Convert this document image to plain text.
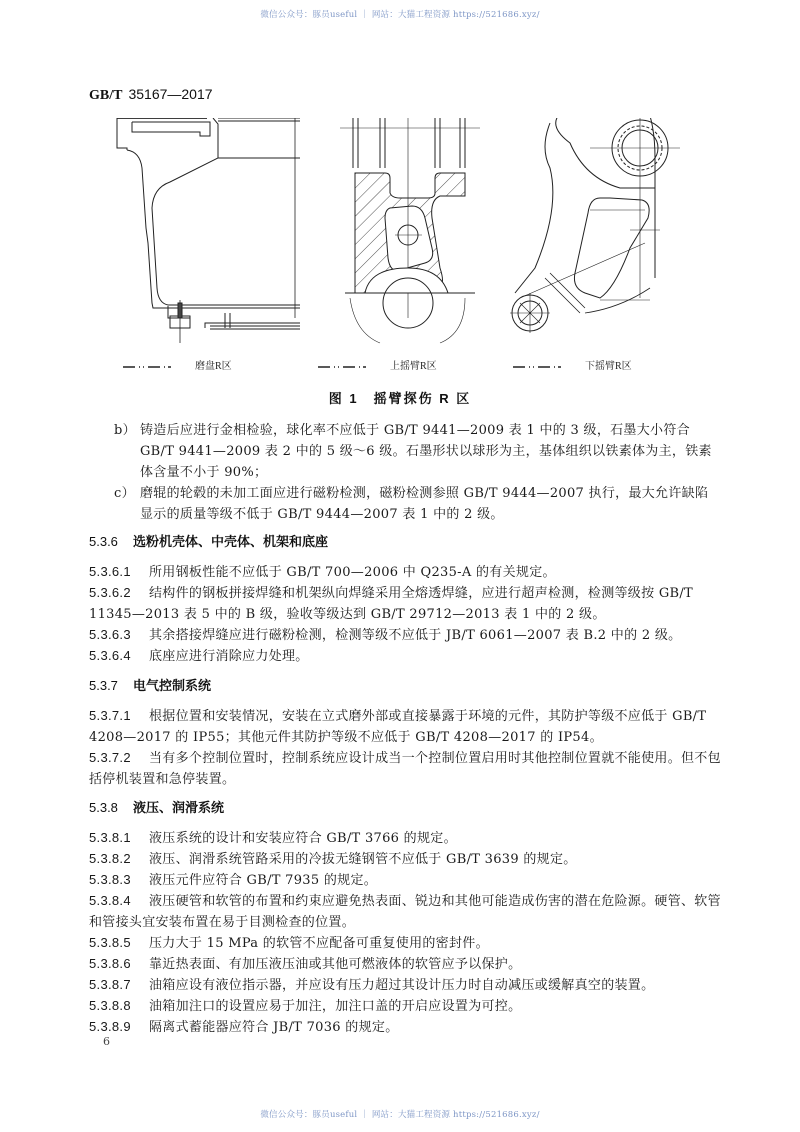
微信公众号：豚员useful ｜ 网站：大猫工程资源 https://521686.xyz/
GB/T 35167—2017
磨盘R区	上摇臂R区	下摇臂R区
图 1　摇臂探伤 R 区
b） 铸造后应进行金相检验，球化率不应低于 GB/T 9441—2009 表 1 中的 3 级，石墨大小符合 GB/T 9441—2009 表 2 中的 5 级～6 级。石墨形状以球形为主，基体组织以铁素体为主，铁素体含量不小于 90%；
c） 磨辊的轮毂的未加工面应进行磁粉检测，磁粉检测参照 GB/T 9444—2007 执行，最大允许缺陷显示的质量等级不低于 GB/T 9444—2007 表 1 中的 2 级。
5.3.6 选粉机壳体、中壳体、机架和底座
5.3.6.1 所用钢板性能不应低于 GB/T 700—2006 中 Q235-A 的有关规定。
5.3.6.2 结构件的钢板拼接焊缝和机架纵向焊缝采用全熔透焊缝，应进行超声检测，检测等级按 GB/T 11345—2013 表 5 中的 B 级，验收等级达到 GB/T 29712—2013 表 1 中的 2 级。
5.3.6.3 其余搭接焊缝应进行磁粉检测，检测等级不应低于 JB/T 6061—2007 表 B.2 中的 2 级。
5.3.6.4 底座应进行消除应力处理。
5.3.7 电气控制系统
5.3.7.1 根据位置和安装情况，安装在立式磨外部或直接暴露于环境的元件，其防护等级不应低于 GB/T 4208—2017 的 IP55；其他元件其防护等级不应低于 GB/T 4208—2017 的 IP54。
5.3.7.2 当有多个控制位置时，控制系统应设计成当一个控制位置启用时其他控制位置就不能使用。但不包括停机装置和急停装置。
5.3.8 液压、润滑系统
5.3.8.1 液压系统的设计和安装应符合 GB/T 3766 的规定。
5.3.8.2 液压、润滑系统管路采用的冷拔无缝钢管不应低于 GB/T 3639 的规定。
5.3.8.3 液压元件应符合 GB/T 7935 的规定。
5.3.8.4 液压硬管和软管的布置和约束应避免热表面、锐边和其他可能造成伤害的潜在危险源。硬管、软管和管接头宜安装布置在易于目测检查的位置。
5.3.8.5 压力大于 15 MPa 的软管不应配备可重复使用的密封件。
5.3.8.6 靠近热表面、有加压液压油或其他可燃液体的软管应予以保护。
5.3.8.7 油箱应设有液位指示器，并应设有压力超过其设计压力时自动减压或缓解真空的装置。
5.3.8.8 油箱加注口的设置应易于加注，加注口盖的开启应设置为可控。
5.3.8.9 隔离式蓄能器应符合 JB/T 7036 的规定。
6
微信公众号：豚员useful ｜ 网站：大猫工程资源 https://521686.xyz/
